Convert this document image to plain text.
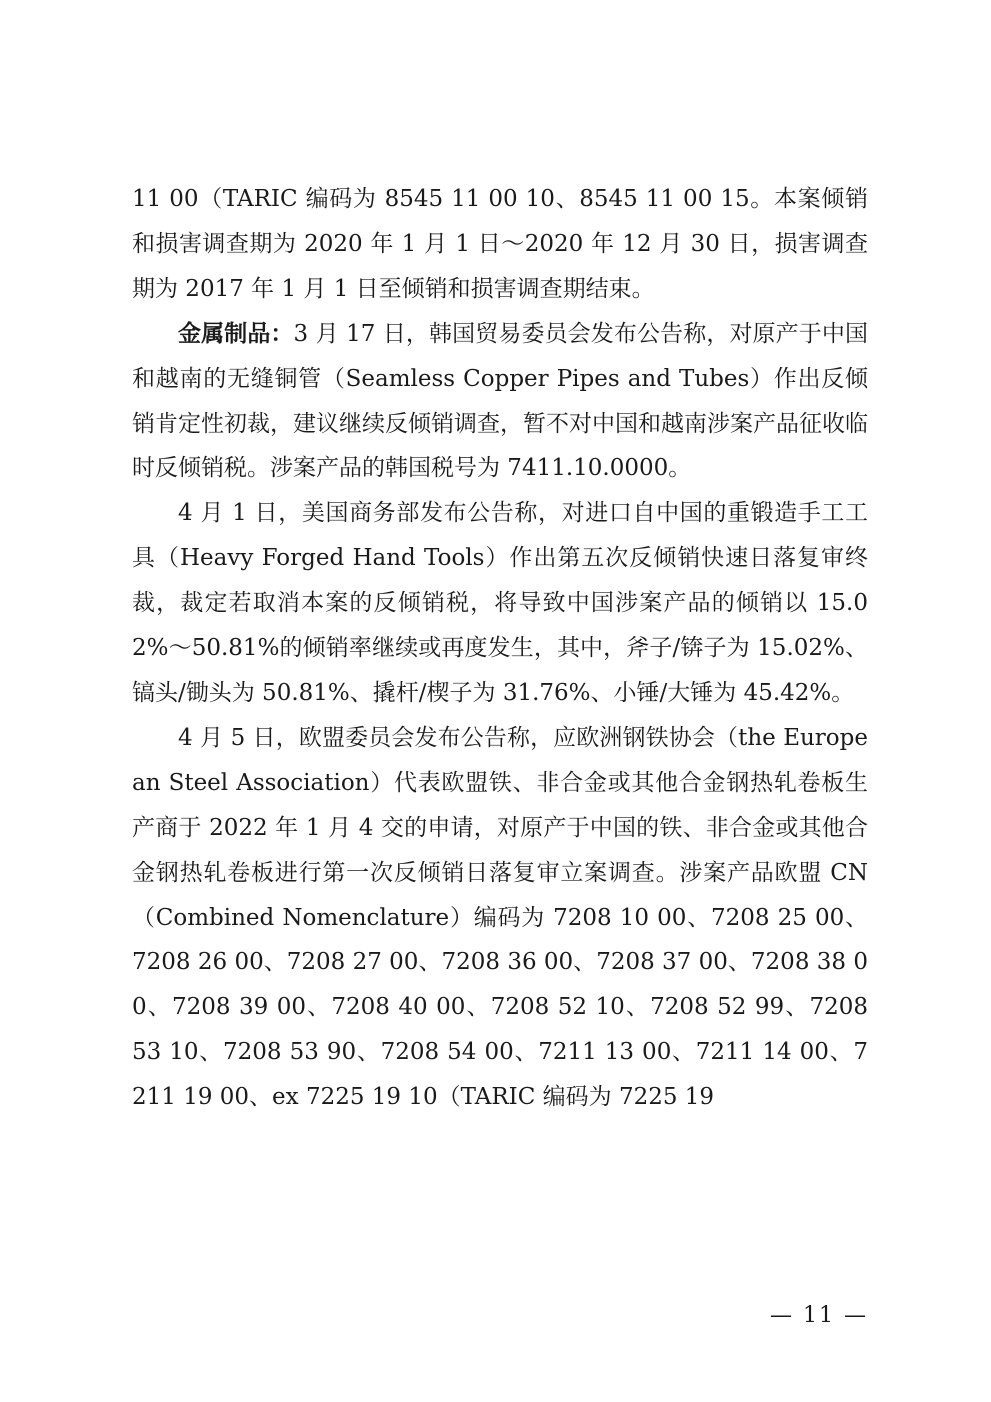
11 00（TARIC 编码为 8545 11 00 10、8545 11 00 15。本案倾销和损害调查期为 2020 年 1 月 1 日～2020 年 12 月 30 日，损害调查期为 2017 年 1 月 1 日至倾销和损害调查期结束。

金属制品：3 月 17 日，韩国贸易委员会发布公告称，对原产于中国和越南的无缝铜管（Seamless Copper Pipes and Tubes）作出反倾销肯定性初裁，建议继续反倾销调查，暂不对中国和越南涉案产品征收临时反倾销税。涉案产品的韩国税号为 7411.10.0000。

4 月 1 日，美国商务部发布公告称，对进口自中国的重锻造手工工具（Heavy Forged Hand Tools）作出第五次反倾销快速日落复审终裁，裁定若取消本案的反倾销税，将导致中国涉案产品的倾销以 15.02%～50.81%的倾销率继续或再度发生，其中，斧子/锛子为 15.02%、镐头/锄头为 50.81%、撬杆/楔子为 31.76%、小锤/大锤为 45.42%。

4 月 5 日，欧盟委员会发布公告称，应欧洲钢铁协会（the European Steel Association）代表欧盟铁、非合金或其他合金钢热轧卷板生产商于 2022 年 1 月 4 交的申请，对原产于中国的铁、非合金或其他合金钢热轧卷板进行第一次反倾销日落复审立案调查。涉案产品欧盟 CN（Combined Nomenclature）编码为 7208 10 00、7208 25 00、7208 26 00、7208 27 00、7208 36 00、7208 37 00、7208 38 00、7208 39 00、7208 40 00、7208 52 10、7208 52 99、7208 53 10、7208 53 90、7208 54 00、7211 13 00、7211 14 00、7211 19 00、ex 7225 19 10（TARIC 编码为 7225 19

— 11 —
